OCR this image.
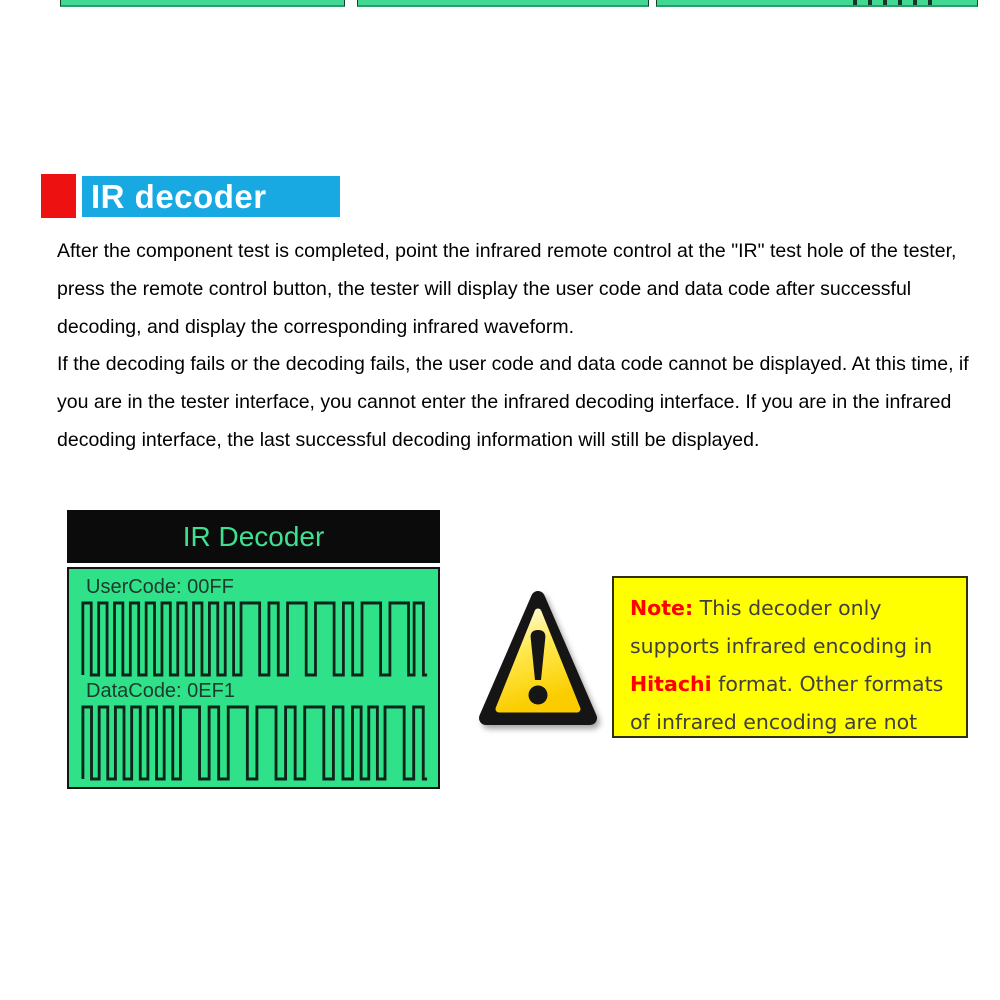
IR decoder

After the component test is completed, point the infrared remote control at the "IR" test hole of the tester, press the remote control button, the tester will display the user code and data code after successful decoding, and display the corresponding infrared waveform.

If the decoding fails or the decoding fails, the user code and data code cannot be displayed. At this time, if you are in the tester interface, you cannot enter the infrared decoding interface. If you are in the infrared decoding interface, the last successful decoding information will still be displayed.

IR Decoder
UserCode: 00FF
DataCode: 0EF1
Note: This decoder only supports infrared encoding in Hitachi format. Other formats of infrared encoding are not
